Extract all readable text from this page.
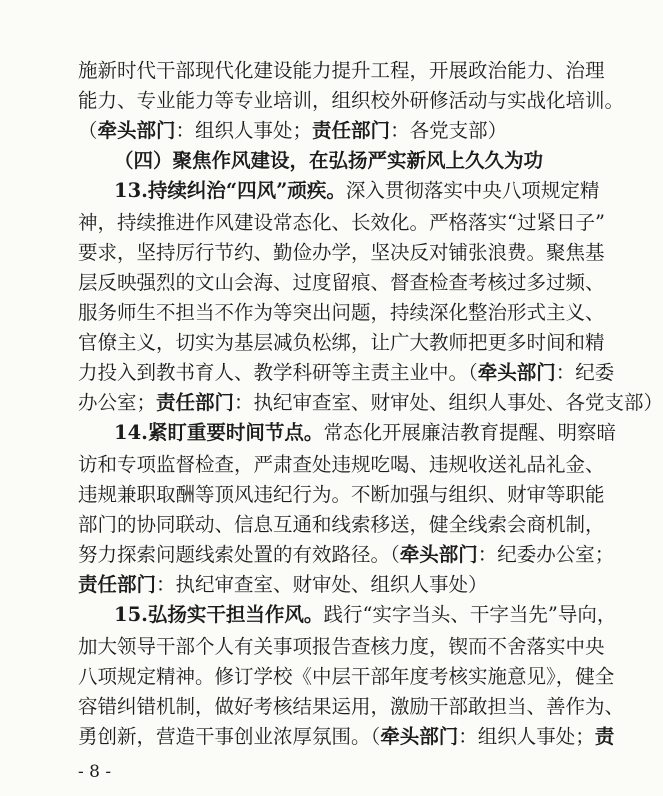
施新时代干部现代化建设能力提升工程，开展政治能力、治理
能力、专业能力等专业培训，组织校外研修活动与实战化培训。
（牵头部门：组织人事处；责任部门：各党支部）
（四）聚焦作风建设，在弘扬严实新风上久久为功
13.持续纠治“四风”顽疾。深入贯彻落实中央八项规定精
神，持续推进作风建设常态化、长效化。严格落实“过紧日子”
要求，坚持厉行节约、勤俭办学，坚决反对铺张浪费。聚焦基
层反映强烈的文山会海、过度留痕、督查检查考核过多过频、
服务师生不担当不作为等突出问题，持续深化整治形式主义、
官僚主义，切实为基层减负松绑，让广大教师把更多时间和精
力投入到教书育人、教学科研等主责主业中。（牵头部门：纪委
办公室；责任部门：执纪审查室、财审处、组织人事处、各党支部）
14.紧盯重要时间节点。常态化开展廉洁教育提醒、明察暗
访和专项监督检查，严肃查处违规吃喝、违规收送礼品礼金、
违规兼职取酬等顶风违纪行为。不断加强与组织、财审等职能
部门的协同联动、信息互通和线索移送，健全线索会商机制，
努力探索问题线索处置的有效路径。（牵头部门：纪委办公室；
责任部门：执纪审查室、财审处、组织人事处）
15.弘扬实干担当作风。践行“实字当头、干字当先”导向，
加大领导干部个人有关事项报告查核力度，锲而不舍落实中央
八项规定精神。修订学校《中层干部年度考核实施意见》，健全
容错纠错机制，做好考核结果运用，激励干部敢担当、善作为、
勇创新，营造干事创业浓厚氛围。（牵头部门：组织人事处；责
- 8 -
